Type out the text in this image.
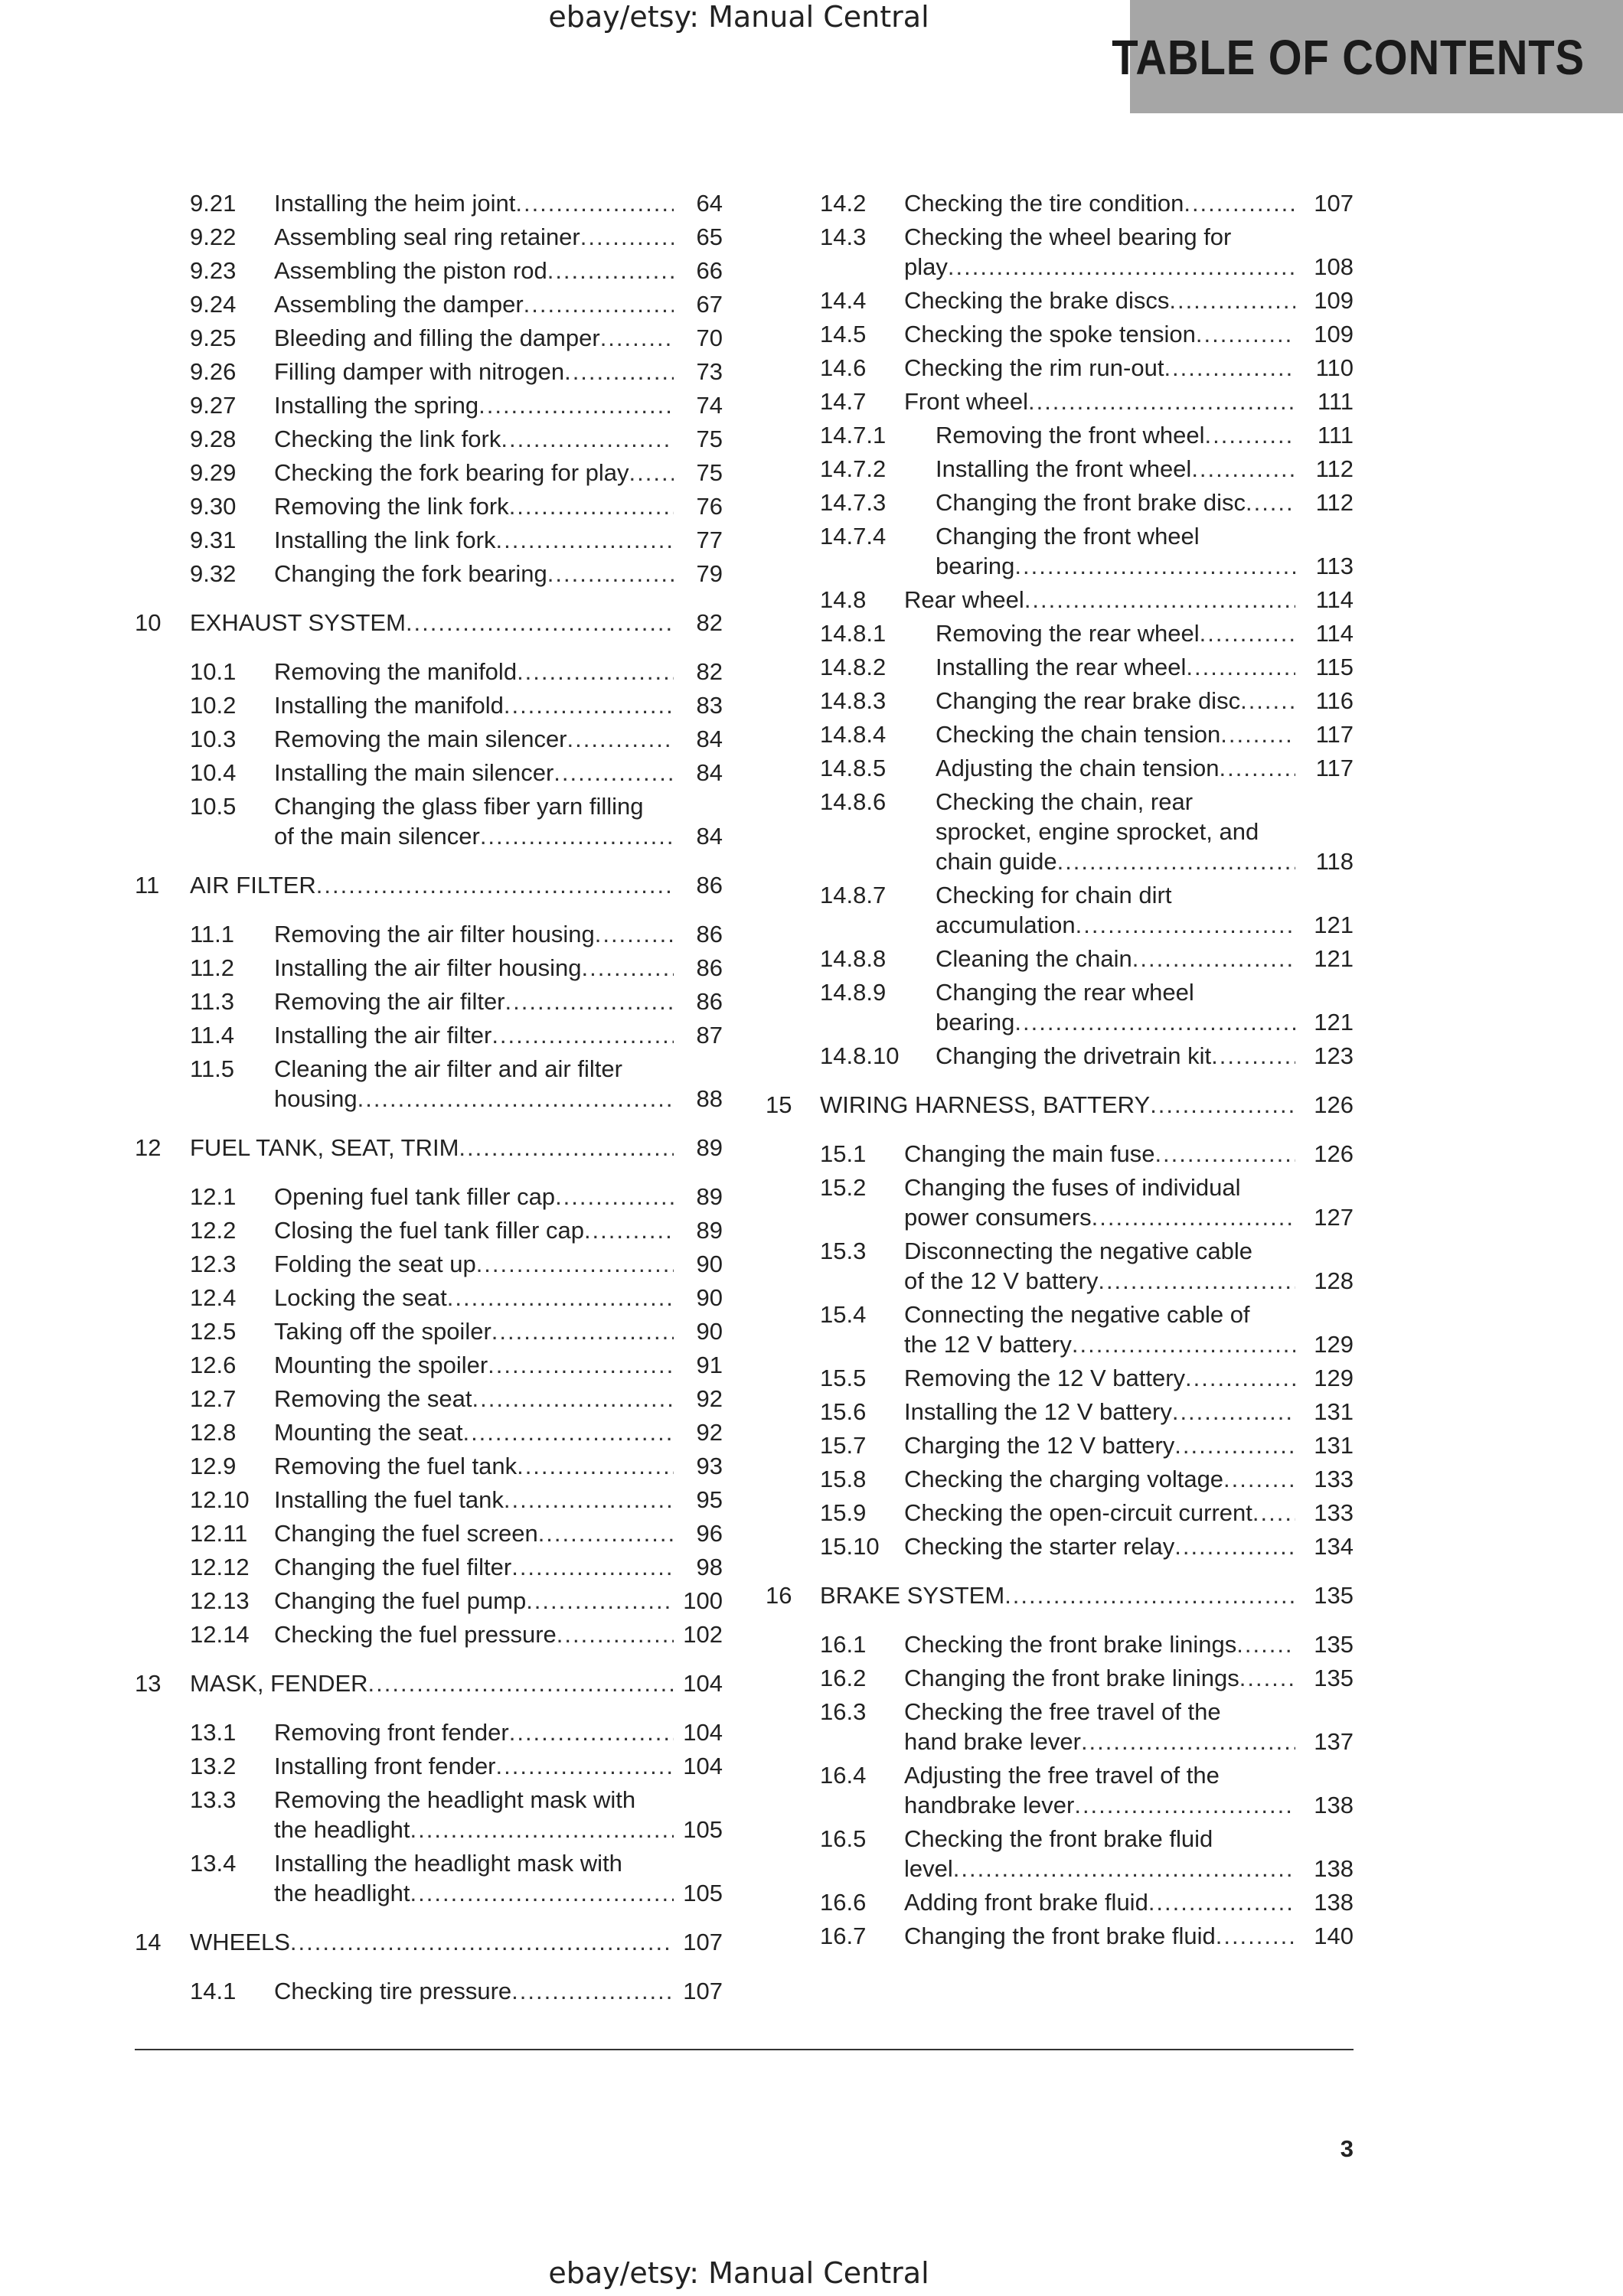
ebay/etsy: Manual Central
TABLE OF CONTENTS
9.21 Installing the heim joint .....	64
9.22 Assembling seal ring retainer .....	65
9.23 Assembling the piston rod .....	66
9.24 Assembling the damper .....	67
9.25 Bleeding and filling the damper .....	70
9.26 Filling damper with nitrogen .....	73
9.27 Installing the spring .....	74
9.28 Checking the link fork .....	75
9.29 Checking the fork bearing for play .....	75
9.30 Removing the link fork .....	76
9.31 Installing the link fork .....	77
9.32 Changing the fork bearing .....	79
10 EXHAUST SYSTEM .....	82
10.1 Removing the manifold .....	82
10.2 Installing the manifold .....	83
10.3 Removing the main silencer .....	84
10.4 Installing the main silencer .....	84
10.5 Changing the glass fiber yarn filling
of the main silencer .....	84
11 AIR FILTER .....	86
11.1 Removing the air filter housing .....	86
11.2 Installing the air filter housing .....	86
11.3 Removing the air filter .....	86
11.4 Installing the air filter .....	87
11.5 Cleaning the air filter and air filter
housing .....	88
12 FUEL TANK, SEAT, TRIM .....	89
12.1 Opening fuel tank filler cap .....	89
12.2 Closing the fuel tank filler cap .....	89
12.3 Folding the seat up .....	90
12.4 Locking the seat .....	90
12.5 Taking off the spoiler .....	90
12.6 Mounting the spoiler .....	91
12.7 Removing the seat .....	92
12.8 Mounting the seat .....	92
12.9 Removing the fuel tank .....	93
12.10 Installing the fuel tank .....	95
12.11 Changing the fuel screen .....	96
12.12 Changing the fuel filter .....	98
12.13 Changing the fuel pump .....	100
12.14 Checking the fuel pressure .....	102
13 MASK, FENDER .....	104
13.1 Removing front fender .....	104
13.2 Installing front fender .....	104
13.3 Removing the headlight mask with
the headlight .....	105
13.4 Installing the headlight mask with
the headlight .....	105
14 WHEELS .....	107
14.1 Checking tire pressure .....	107
14.2 Checking the tire condition .....	107
14.3 Checking the wheel bearing for
play .....	108
14.4 Checking the brake discs .....	109
14.5 Checking the spoke tension .....	109
14.6 Checking the rim run-out .....	110
14.7 Front wheel .....	111
14.7.1 Removing the front wheel .....	111
14.7.2 Installing the front wheel .....	112
14.7.3 Changing the front brake disc .....	112
14.7.4 Changing the front wheel
bearing .....	113
14.8 Rear wheel .....	114
14.8.1 Removing the rear wheel .....	114
14.8.2 Installing the rear wheel .....	115
14.8.3 Changing the rear brake disc .....	116
14.8.4 Checking the chain tension .....	117
14.8.5 Adjusting the chain tension .....	117
14.8.6 Checking the chain, rear
sprocket, engine sprocket, and
chain guide .....	118
14.8.7 Checking for chain dirt
accumulation .....	121
14.8.8 Cleaning the chain .....	121
14.8.9 Changing the rear wheel
bearing .....	121
14.8.10 Changing the drivetrain kit .....	123
15 WIRING HARNESS, BATTERY .....	126
15.1 Changing the main fuse .....	126
15.2 Changing the fuses of individual
power consumers .....	127
15.3 Disconnecting the negative cable
of the 12 V battery .....	128
15.4 Connecting the negative cable of
the 12 V battery .....	129
15.5 Removing the 12 V battery .....	129
15.6 Installing the 12 V battery .....	131
15.7 Charging the 12 V battery .....	131
15.8 Checking the charging voltage .....	133
15.9 Checking the open-circuit current .....	133
15.10 Checking the starter relay .....	134
16 BRAKE SYSTEM .....	135
16.1 Checking the front brake linings .....	135
16.2 Changing the front brake linings .....	135
16.3 Checking the free travel of the
hand brake lever .....	137
16.4 Adjusting the free travel of the
handbrake lever .....	138
16.5 Checking the front brake fluid
level .....	138
16.6 Adding front brake fluid .....	138
16.7 Changing the front brake fluid .....	140
3
ebay/etsy: Manual Central
